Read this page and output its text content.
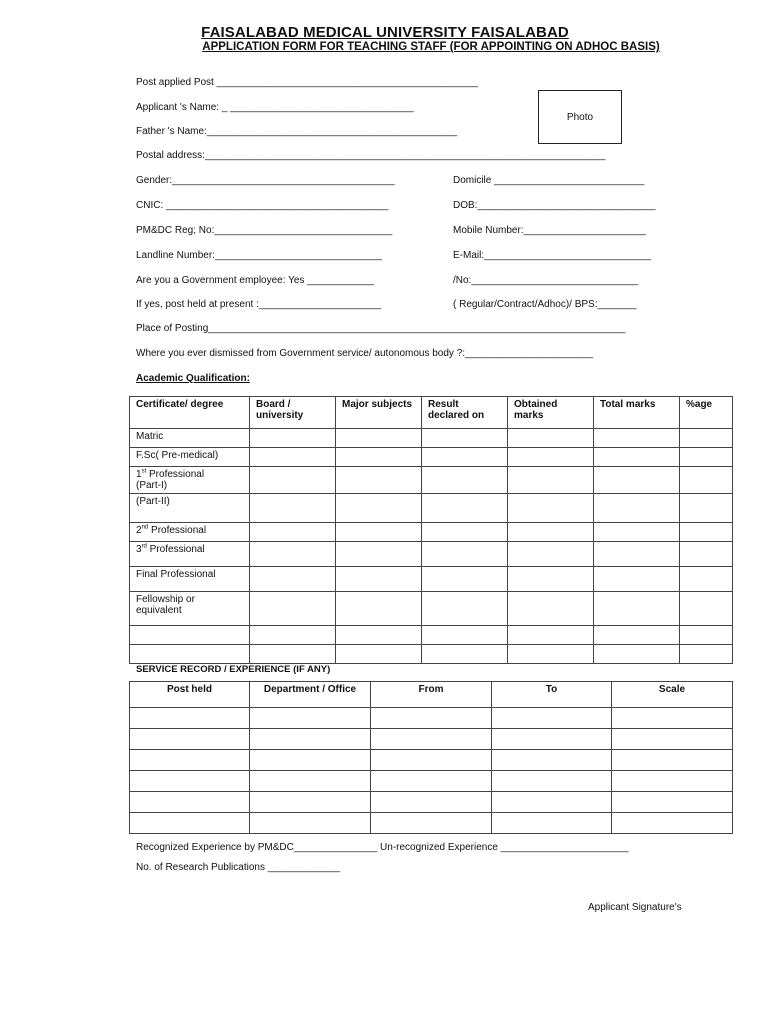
FAISALABAD MEDICAL UNIVERSITY FAISALABAD
APPLICATION FORM FOR TEACHING STAFF (FOR APPOINTING ON ADHOC BASIS)
Photo
Post applied Post _______________________________________________
Applicant 's Name: _ _________________________________
Father 's Name:_____________________________________________
Postal address:________________________________________________________________________
Gender:________________________________________	Domicile ___________________________
CNIC: ________________________________________	DOB:________________________________
PM&DC Reg; No:________________________________	Mobile Number:______________________
Landline Number:______________________________	E-Mail:______________________________
Are you a Government employee: Yes ____________	/No:______________________________
If yes, post held at present :______________________	( Regular/Contract/Adhoc)/ BPS:_______
Place of Posting___________________________________________________________________________
Where you ever dismissed from Government service/ autonomous body ?:_______________________
Academic Qualification:
Certificate/ degree	Board / university	Major subjects	Result declared on	Obtained marks	Total marks	%age
Matric						
F.Sc( Pre-medical)						
1st Professional
(Part-I)						
(Part-II)						
2nd Professional						
3rd Professional						
Final Professional						
Fellowship or equivalent						

SERVICE RECORD / EXPERIENCE (IF ANY)
Post held	Department / Office	From	To	Scale

Recognized Experience by PM&DC_______________ Un-recognized Experience _______________________
No. of Research Publications _____________
Applicant Signature's
